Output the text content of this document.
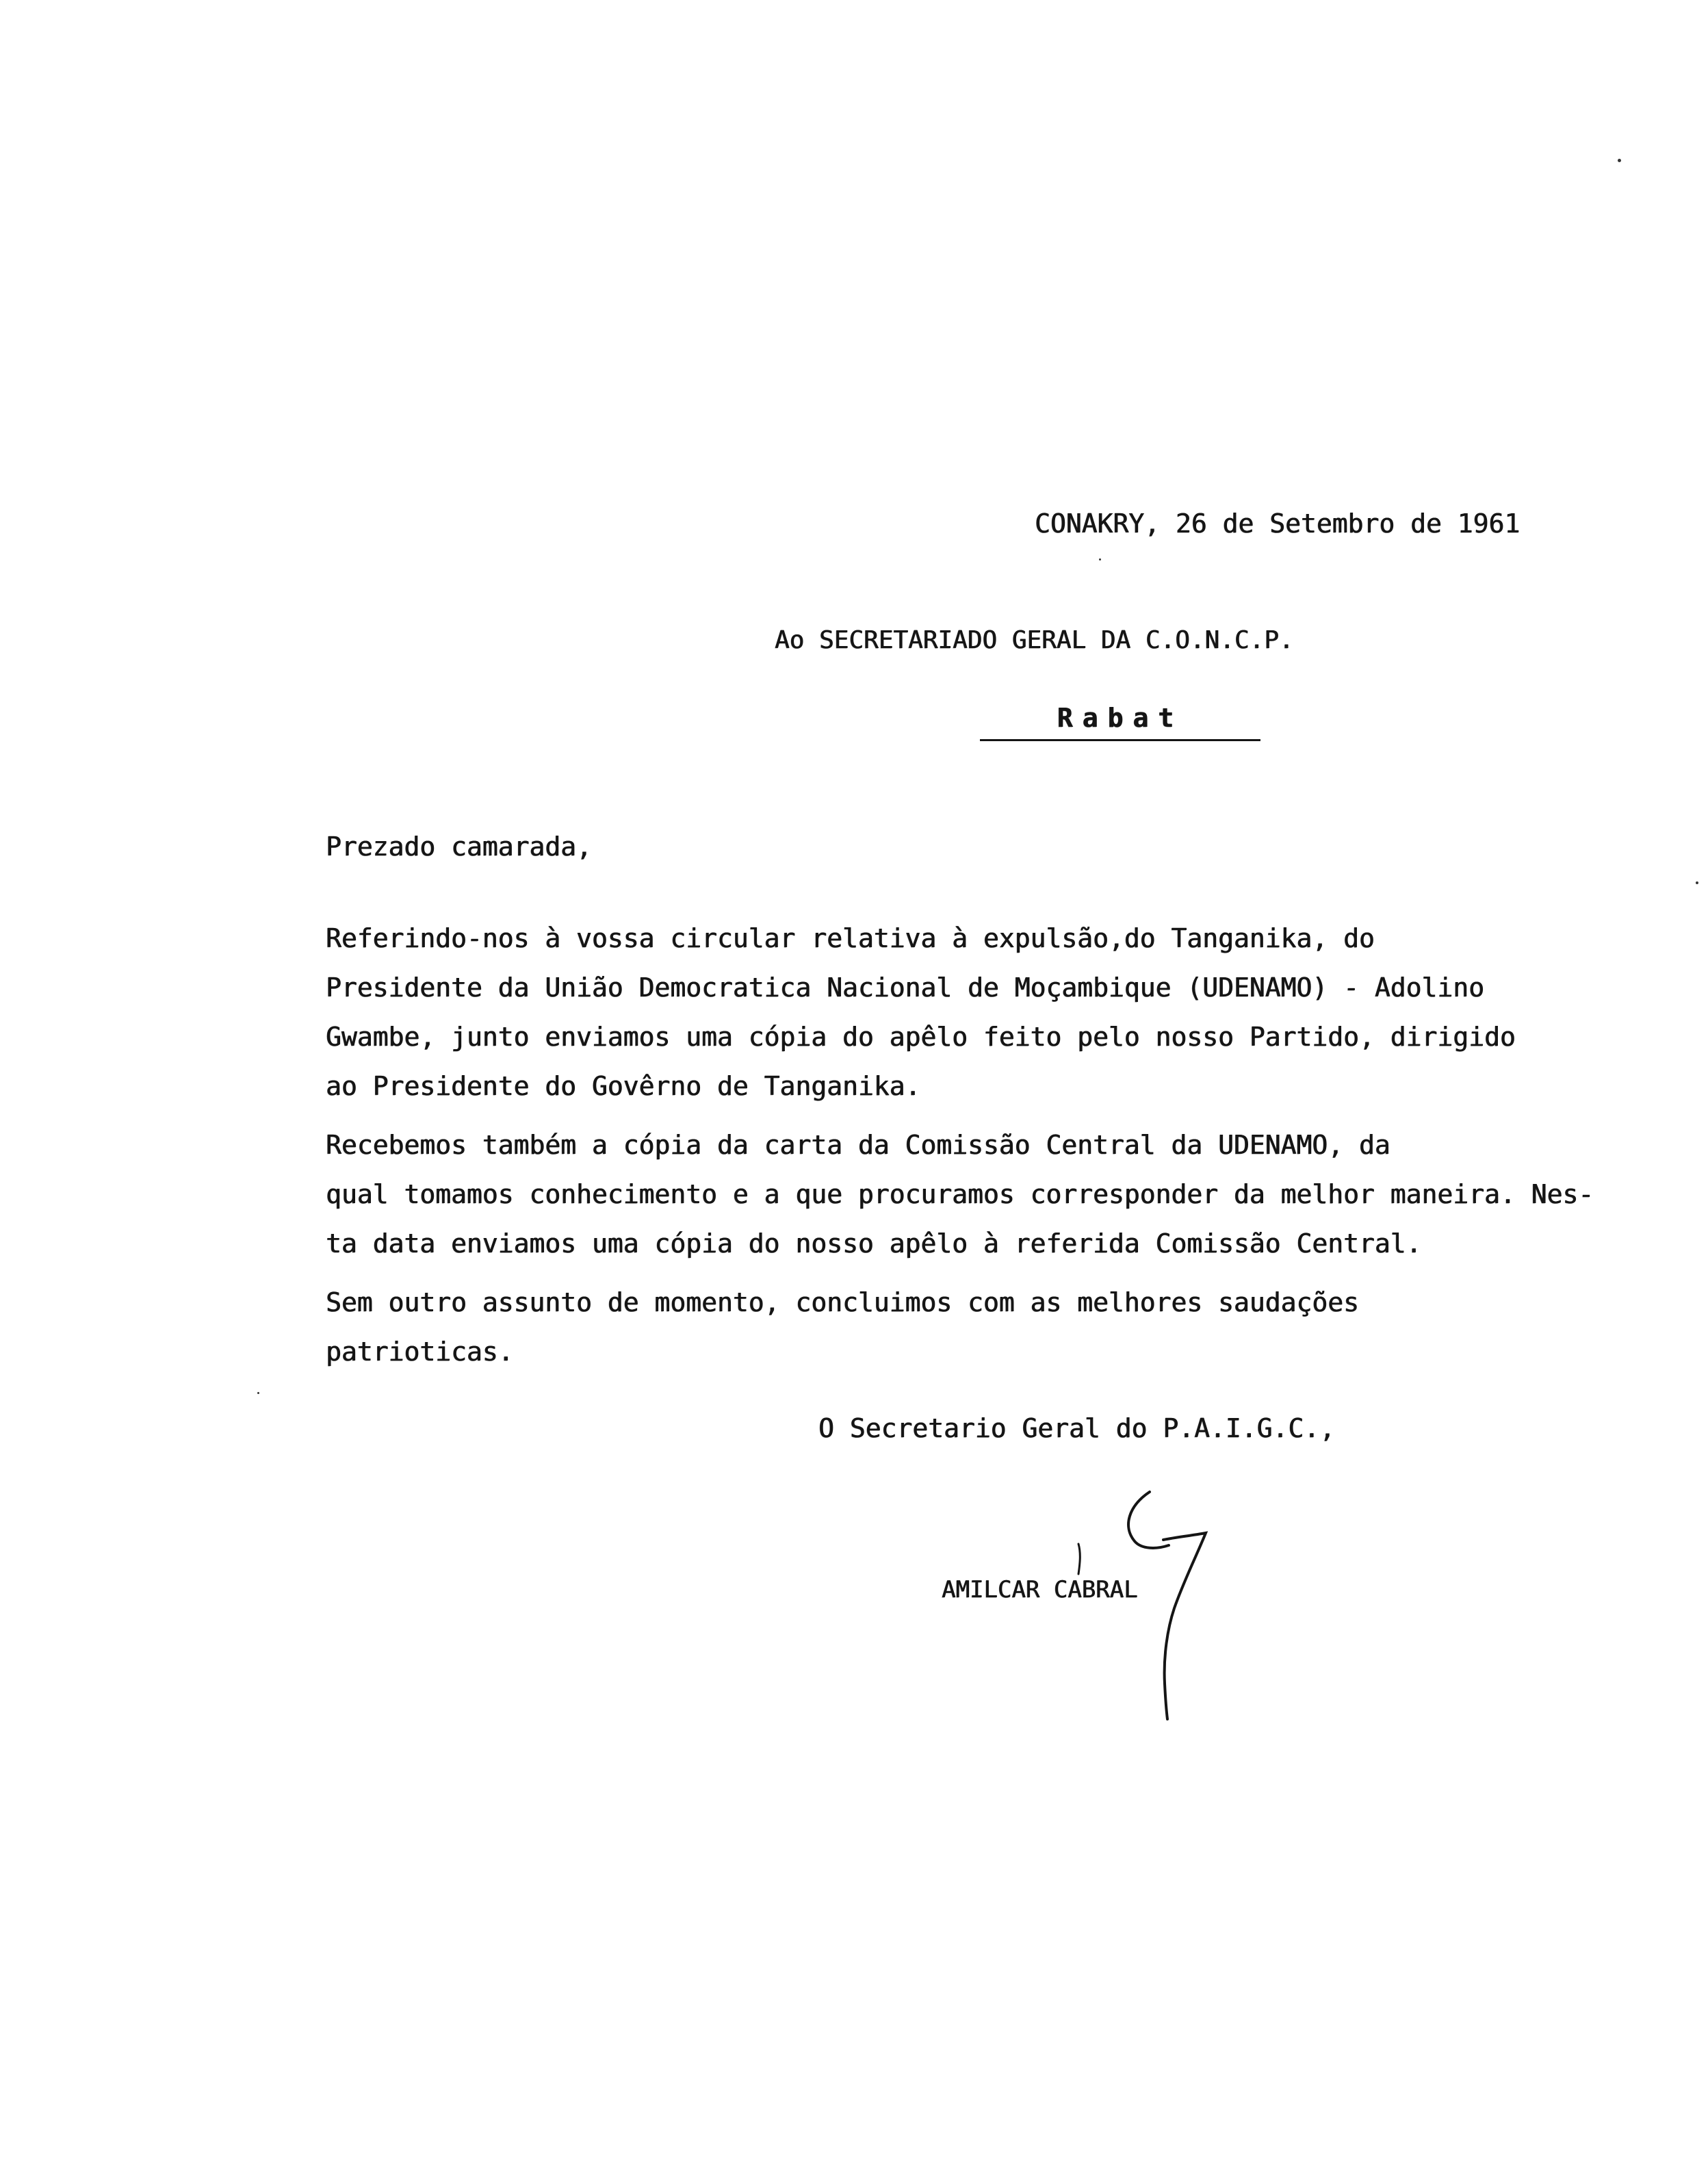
CONAKRY, 26 de Setembro de 1961
Ao SECRETARIADO GERAL DA C.O.N.C.P.
Rabat
Prezado camarada,
Referindo-nos à vossa circular relativa à expulsão,do Tanganika, do
Presidente da União Democratica Nacional de Moçambique (UDENAMO) - Adolino
Gwambe, junto enviamos uma cópia do apêlo feito pelo nosso Partido, dirigido
ao Presidente do Govêrno de Tanganika.
Recebemos também a cópia da carta da Comissão Central da UDENAMO, da
qual tomamos conhecimento e a que procuramos corresponder da melhor maneira. Nes-
ta data enviamos uma cópia do nosso apêlo à referida Comissão Central.
Sem outro assunto de momento, concluimos com as melhores saudações
patrioticas.
O Secretario Geral do P.A.I.G.C.,
AMILCAR CABRAL
